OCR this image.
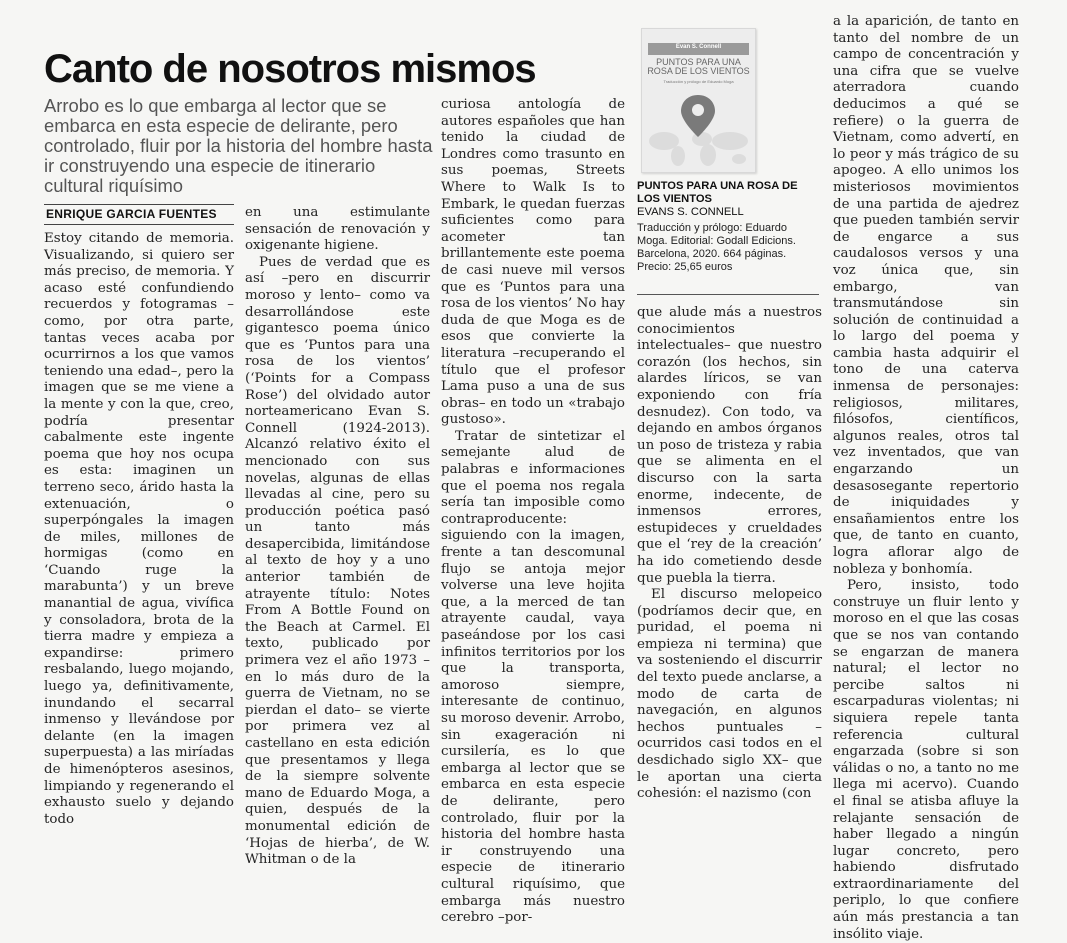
Canto de nosotros mismos
Arrobo es lo que embarga al lector que se embarca en esta especie de delirante, pero controlado, fluir por la historia del hombre hasta ir construyendo una especie de itinerario cultural riquísimo
ENRIQUE GARCIA FUENTES

Estoy citando de memoria. Visualizando, si quiero ser más preciso, de memoria. Y acaso esté confundiendo recuerdos y fotogramas –como, por otra parte, tantas veces acaba por ocurrirnos a los que vamos teniendo una edad–, pero la imagen que se me viene a la mente y con la que, creo, podría presentar cabalmente este ingente poema que hoy nos ocupa es esta: imaginen un terreno seco, árido hasta la extenuación, o superpóngales la imagen de miles, millones de hormigas (como en ‘Cuando ruge la marabunta’) y un breve manantial de agua, vivífica y consoladora, brota de la tierra madre y empieza a expandirse: primero resbalando, luego mojando, luego ya, definitivamente, inundando el secarral inmenso y llevándose por delante (en la imagen superpuesta) a las miríadas de himenópteros asesinos, limpiando y regenerando el exhausto suelo y dejando todo

en una estimulante sensación de renovación y oxigenante higiene.

Pues de verdad que es así –pero en discurrir moroso y lento– como va desarrollándose este gigantesco poema único que es ‘Puntos para una rosa de los vientos’ (‘Points for a Compass Rose’) del olvidado autor norteamericano Evan S. Connell (1924-2013). Alcanzó relativo éxito el mencionado con sus novelas, algunas de ellas llevadas al cine, pero su producción poética pasó un tanto más desapercibida, limitándose al texto de hoy y a uno anterior también de atrayente título: Notes From A Bottle Found on the Beach at Carmel. El texto, publicado por primera vez el año 1973 –en lo más duro de la guerra de Vietnam, no se pierdan el dato– se vierte por primera vez al castellano en esta edición que presentamos y llega de la siempre solvente mano de Eduardo Moga, a quien, después de la monumental edición de ‘Hojas de hierba’, de W. Whitman o de la

curiosa antología de autores españoles que han tenido la ciudad de Londres como trasunto en sus poemas, Streets Where to Walk Is to Embark, le quedan fuerzas suficientes como para acometer tan brillantemente este poema de casi nueve mil versos que es ‘Puntos para una rosa de los vientos’ No hay duda de que Moga es de esos que convierte la literatura –recuperando el título que el profesor Lama puso a una de sus obras– en todo un «trabajo gustoso».

Tratar de sintetizar el semejante alud de palabras e informaciones que el poema nos regala sería tan imposible como contraproducente: siguiendo con la imagen, frente a tan descomunal flujo se antoja mejor volverse una leve hojita que, a la merced de tan atrayente caudal, vaya paseándose por los casi infinitos territorios por los que la transporta, amoroso siempre, interesante de continuo, su moroso devenir. Arrobo, sin exageración ni cursilería, es lo que embarga al lector que se embarca en esta especie de delirante, pero controlado, fluir por la historia del hombre hasta ir construyendo una especie de itinerario cultural riquísimo, que embarga más nuestro cerebro –por-

Evan S. Connell
PUNTOS PARA UNA
ROSA DE LOS VIENTOS
Traducción y prólogo de Eduardo Moga
PUNTOS PARA UNA ROSA DE LOS VIENTOS
EVANS S. CONNELL
Traducción y prólogo: Eduardo Moga. Editorial: Godall Edicions. Barcelona, 2020. 664 páginas. Precio: 25,65 euros

que alude más a nuestros conocimientos intelectuales– que nuestro corazón (los hechos, sin alardes líricos, se van exponiendo con fría desnudez). Con todo, va dejando en ambos órganos un poso de tristeza y rabia que se alimenta en el discurso con la sarta enorme, indecente, de inmensos errores, estupideces y crueldades que el ‘rey de la creación’ ha ido cometiendo desde que puebla la tierra.

El discurso melopeico (podríamos decir que, en puridad, el poema ni empieza ni termina) que va sosteniendo el discurrir del texto puede anclarse, a modo de carta de navegación, en algunos hechos puntuales –ocurridos casi todos en el desdichado siglo XX– que le aportan una cierta cohesión: el nazismo (con

a la aparición, de tanto en tanto del nombre de un campo de concentración y una cifra que se vuelve aterradora cuando deducimos a qué se refiere) o la guerra de Vietnam, como advertí, en lo peor y más trágico de su apogeo. A ello unimos los misteriosos movimientos de una partida de ajedrez que pueden también servir de engarce a sus caudalosos versos y una voz única que, sin embargo, van transmutándose sin solución de continuidad a lo largo del poema y cambia hasta adquirir el tono de una caterva inmensa de personajes: religiosos, militares, filósofos, científicos, algunos reales, otros tal vez inventados, que van engarzando un desasosegante repertorio de iniquidades y ensañamientos entre los que, de tanto en cuanto, logra aflorar algo de nobleza y bonhomía.

Pero, insisto, todo construye un fluir lento y moroso en el que las cosas que se nos van contando se engarzan de manera natural; el lector no percibe saltos ni escarpaduras violentas; ni siquiera repele tanta referencia cultural engarzada (sobre si son válidas o no, a tanto no me llega mi acervo). Cuando el final se atisba afluye la relajante sensación de haber llegado a ningún lugar concreto, pero habiendo disfrutado extraordinariamente del periplo, lo que confiere aún más prestancia a tan insólito viaje.
